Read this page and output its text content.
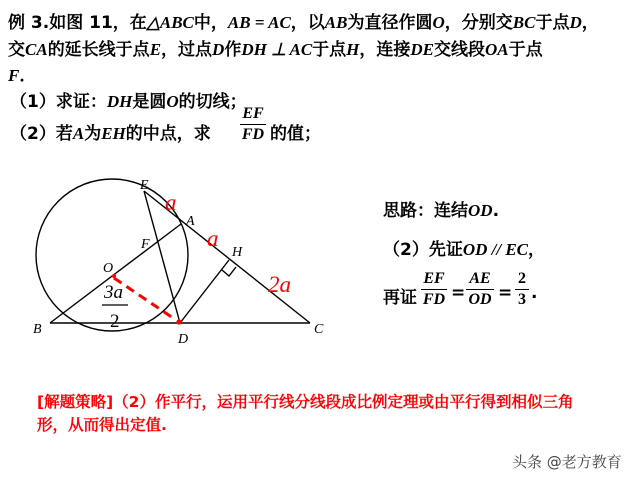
例 3.如图 11，在△ABC中，AB = AC，以AB为直径作圆O，分别交BC于点D，
交CA的延长线于点E，过点D作DH ⊥ AC于点H，连接DE交线段OA于点
F．
（1）求证：DH是圆O的切线；
（2）若A为EH的中点，求
EF
FD 的值；
E
A
F
H
O
B
D
C
a
a
2a
3a
2
思路：连结OD.
（2）先证OD // EC，
再证
EF
FD =
AE
OD =
2
3 .
[解题策略]（2）作平行，运用平行线分线段成比例定理或由平行得到相似三角
形，从而得出定值.
头条 @老方教育
